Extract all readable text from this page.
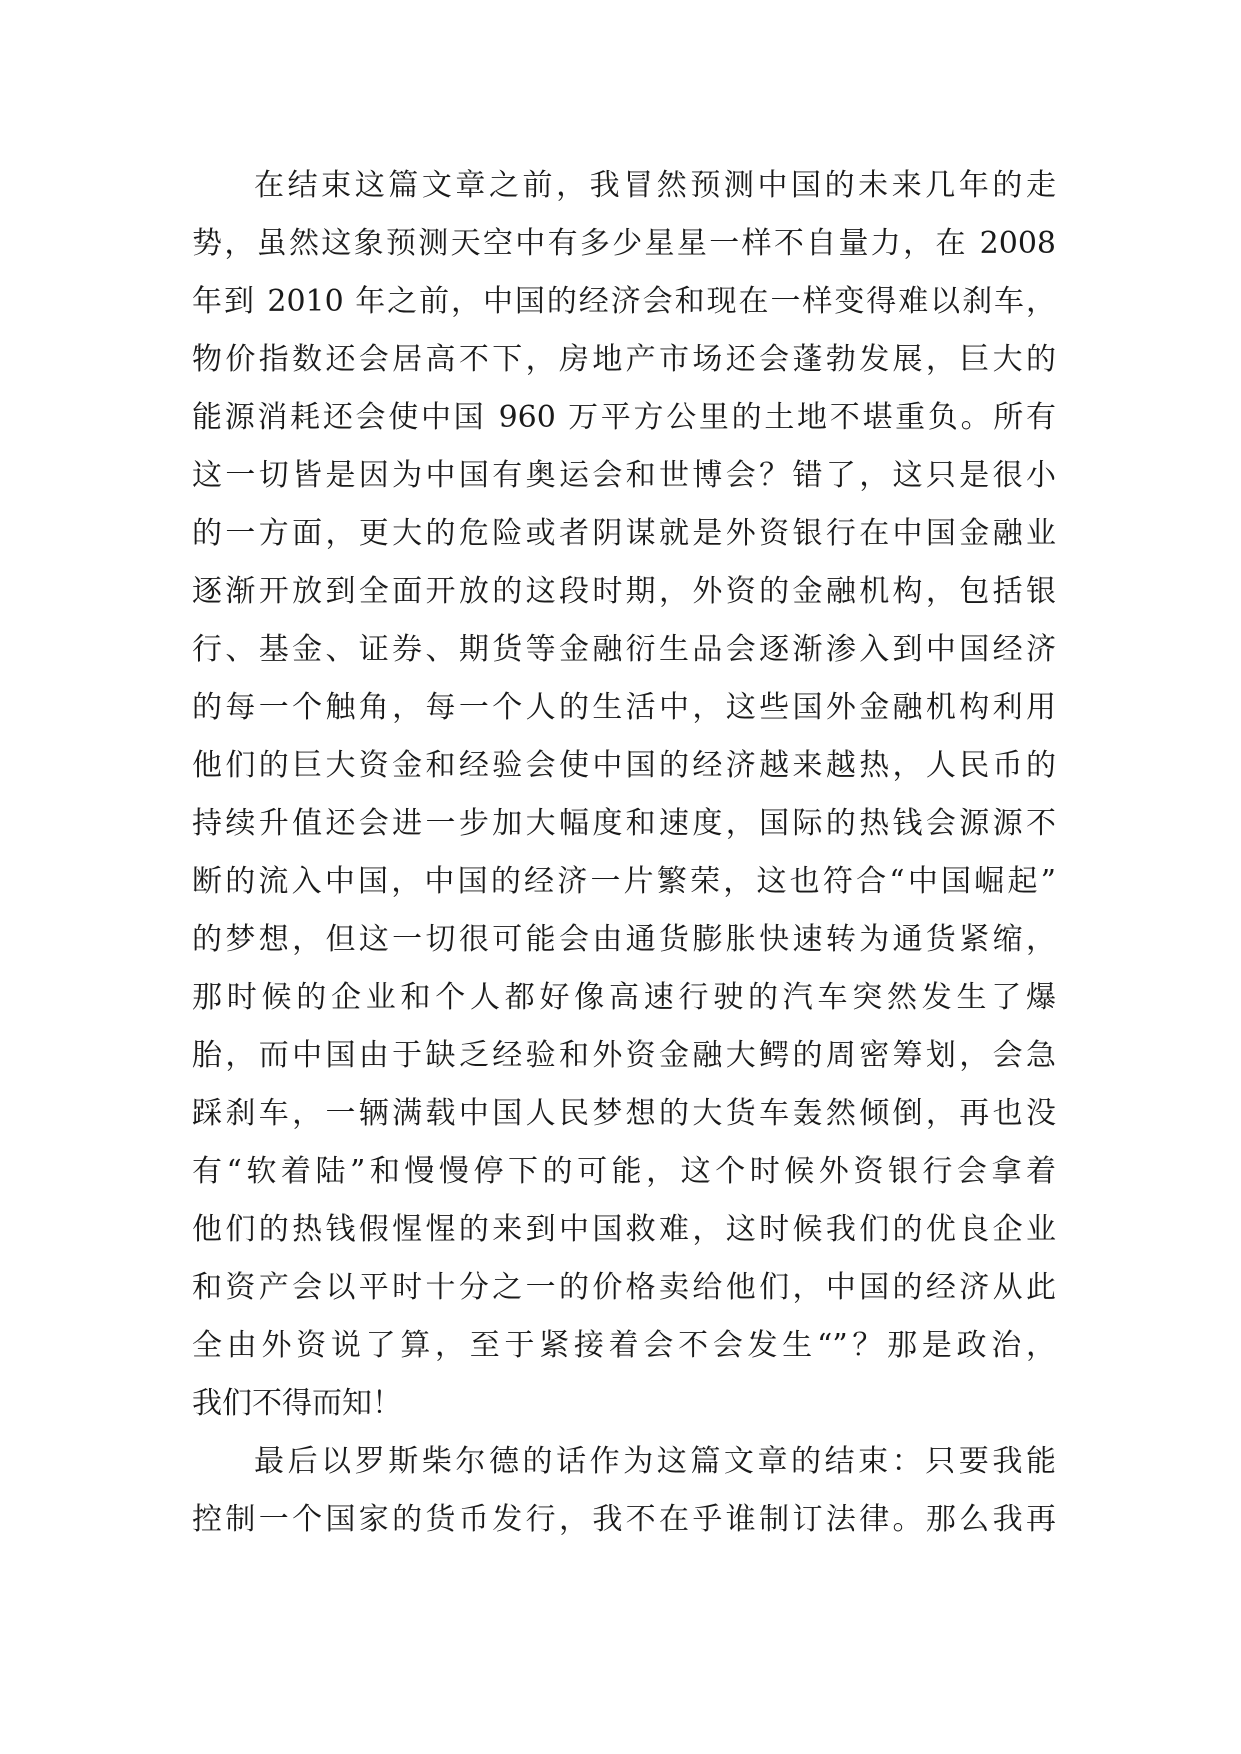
在结束这篇文章之前，我冒然预测中国的未来几年的走
势，虽然这象预测天空中有多少星星一样不自量力，在 2008
年到 2010 年之前，中国的经济会和现在一样变得难以刹车，
物价指数还会居高不下，房地产市场还会蓬勃发展，巨大的
能源消耗还会使中国 960 万平方公里的土地不堪重负。所有
这一切皆是因为中国有奥运会和世博会？错了，这只是很小
的一方面，更大的危险或者阴谋就是外资银行在中国金融业
逐渐开放到全面开放的这段时期，外资的金融机构，包括银
行、基金、证券、期货等金融衍生品会逐渐渗入到中国经济
的每一个触角，每一个人的生活中，这些国外金融机构利用
他们的巨大资金和经验会使中国的经济越来越热，人民币的
持续升值还会进一步加大幅度和速度，国际的热钱会源源不
断的流入中国，中国的经济一片繁荣，这也符合“中国崛起”
的梦想，但这一切很可能会由通货膨胀快速转为通货紧缩，
那时候的企业和个人都好像高速行驶的汽车突然发生了爆
胎，而中国由于缺乏经验和外资金融大鳄的周密筹划，会急
踩刹车，一辆满载中国人民梦想的大货车轰然倾倒，再也没
有“软着陆”和慢慢停下的可能，这个时候外资银行会拿着
他们的热钱假惺惺的来到中国救难，这时候我们的优良企业
和资产会以平时十分之一的价格卖给他们，中国的经济从此
全由外资说了算，至于紧接着会不会发生“”？那是政治，
我们不得而知！
最后以罗斯柴尔德的话作为这篇文章的结束：只要我能
控制一个国家的货币发行，我不在乎谁制订法律。那么我再
